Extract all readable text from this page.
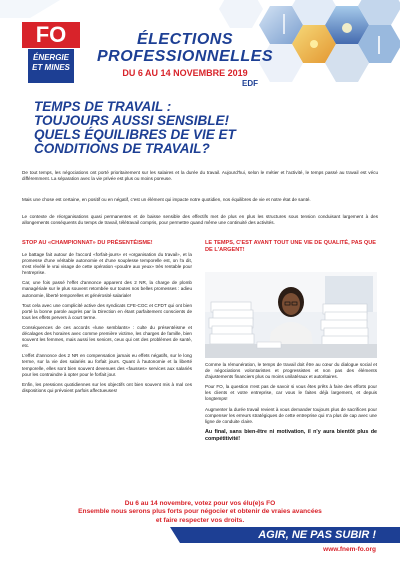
FO
ÉNERGIE
ET MINES
ÉLECTIONS
PROFESSIONNELLES
DU 6 AU 14 NOVEMBRE 2019
EDF
TEMPS DE TRAVAIL :
TOUJOURS AUSSI SENSIBLE!
QUELS ÉQUILIBRES DE VIE ET
CONDITIONS DE TRAVAIL?

De tout temps, les négociations ont porté prioritairement sur les salaires et la durée du travail. Aujourd'hui, selon le métier et l'activité, le temps passé au travail est vécu différemment. La séparation avec la vie privée est plus ou moins poreuse.

Mais une chose est certaine, en positif ou en négatif, c'est un élément qui impacte notre quotidien, nos équilibres de vie et notre état de santé.

Le contexte de réorganisations quasi permanentes et de baisse sensible des effectifs met de plus en plus les structures sous tension conduisant largement à des allongements conséquents du temps de travail, télétravail compris, pour permettre quand même une continuité des activités.

STOP AU «CHAMPIONNAT» DU PRÉSENTÉISME!

Le battage fait autour de l'accord «forfait-jours» et «organisation du travail», et la promesse d'une véritable autonomie et d'une souplesse temporelle est, on l'a dit, s'est révélé le vrai visage de cette opération «poudre aux yeux» très rentable pour l'entreprise.

Car, une fois passé l'effet d'annonce apparent des 2 NR, la charge de plomb managériale sur le plus souvent retombée sur toutes nos belles promesses : adieu autonomie, liberté temporelles et générosité salariale!

Tout cela avec une complicité active des syndicats CFE-CGC et CFDT qui ont bien porté la bonne parole auprès par la Direction en étant parfaitement conscients de tous les effets pervers à court terme.

Conséquences de ces accords «lune semblants» : culte du présentéisme et décalages des horaires avec comme première victime, les charges de famille, bien souvent les femmes, mais aussi les seniors, ceux qui ont des problèmes de santé, etc.

L'effet d'annonce des 2 NR en compensation jamais eu effets négatifs, sur le long terme, sur la vie des salariés au forfait jours. Quant à l'autonomie et la liberté temporelle, elles sont bien souvent devenues des «fausses» services aux salariés pour les contraindre à opter pour le forfait jour.

Enfin, les pressions quotidiennes sur les objectifs ont bien souvent mis à mal ces dispositions qui prévoient parfois affectueuses!

LE TEMPS, C'EST AVANT TOUT UNE VIE DE QUALITÉ, PAS QUE DE L'ARGENT!

Comme la rémunération, le temps de travail doit être au cœur du dialogue social et de négociations volontaristes et progressistes et non pas des éléments d'ajustements financiers plus ou moins unilatéraux et autoritaires.

Pour FO, la question n'est pas de savoir si vous êtes prêts à faire des efforts pour les clients et votre entreprise, car vous le faites déjà largement, et depuis longtemps!

Augmenter la durée travail revient à vous demander toujours plus de sacrifices pour compenser les erreurs stratégiques de cette entreprise qui n'a plus de cap avec une ligne de conduite claire.

Au final, sans bien-être ni motivation, il n'y aura bientôt plus de compétitivité!

Du 6 au 14 novembre, votez pour vos élu(e)s FO
Ensemble nous serons plus forts pour négocier et obtenir de vraies avancées
et faire respecter vos droits.
AGIR, NE PAS SUBIR !
www.fnem-fo.org
